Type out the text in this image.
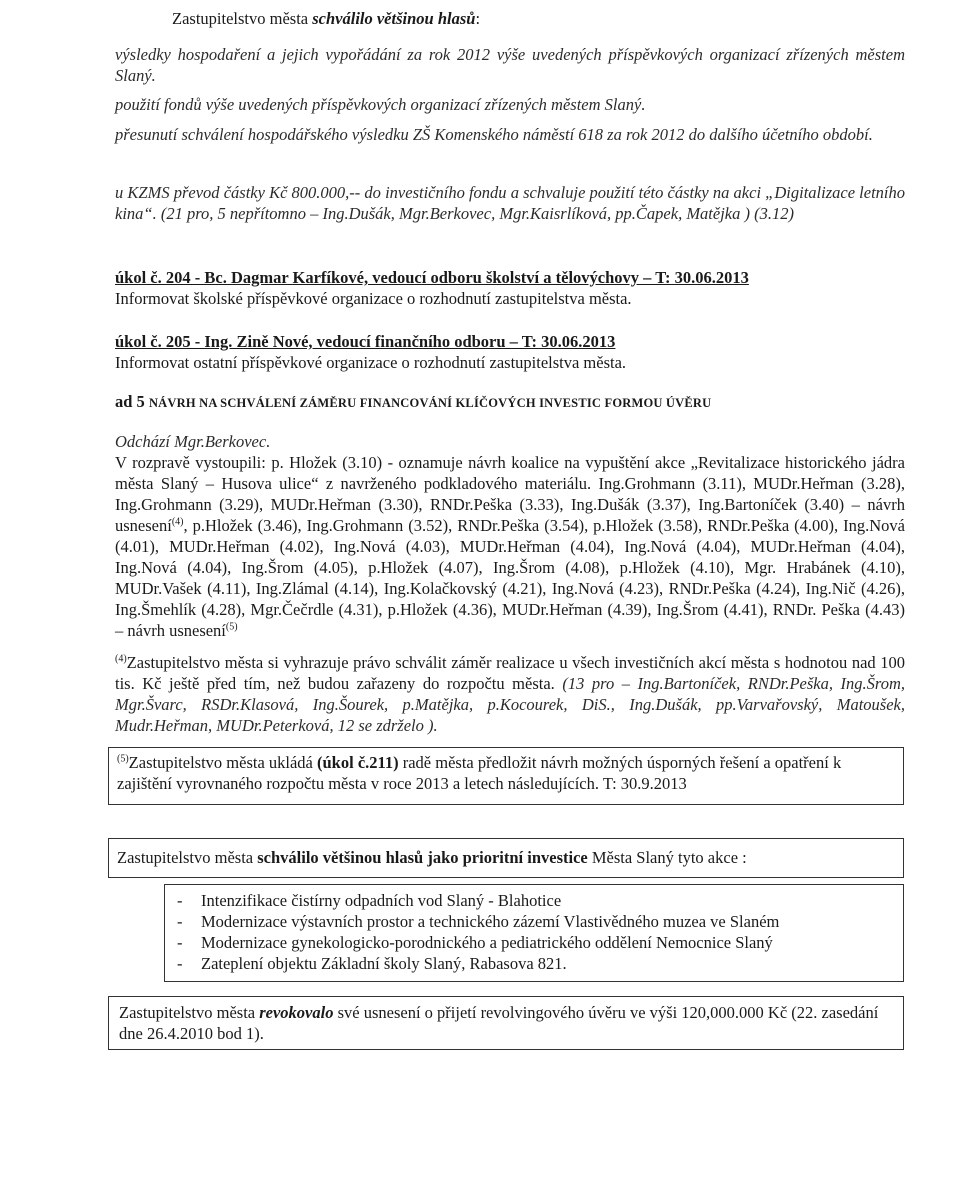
Zastupitelstvo města schválilo většinou hlasů:
výsledky hospodaření a jejich vypořádání za rok 2012 výše uvedených příspěvkových organizací zřízených městem Slaný.
použití fondů výše uvedených příspěvkových organizací zřízených městem Slaný.
přesunutí schválení hospodářského výsledku ZŠ Komenského náměstí 618 za rok 2012 do dalšího účetního období.
u KZMS převod částky Kč 800.000,-- do investičního fondu a schvaluje použití této částky na akci „Digitalizace letního kina“. (21 pro, 5 nepřítomno – Ing.Dušák, Mgr.Berkovec, Mgr.Kaisrlíková, pp.Čapek, Matějka ) (3.12)
úkol č. 204 - Bc. Dagmar Karfíkové, vedoucí odboru školství a tělovýchovy – T: 30.06.2013
Informovat školské příspěvkové organizace o rozhodnutí zastupitelstva města.
úkol č. 205 - Ing. Zině Nové, vedoucí finančního odboru – T: 30.06.2013
Informovat ostatní příspěvkové organizace o rozhodnutí zastupitelstva města.
ad 5 NÁVRH NA SCHVÁLENÍ ZÁMĚRU FINANCOVÁNÍ KLÍČOVÝCH INVESTIC FORMOU ÚVĚRU
Odchází Mgr.Berkovec.
V rozpravě vystoupili: p. Hložek (3.10) - oznamuje návrh koalice na vypuštění akce „Revitalizace historického jádra města Slaný – Husova ulice“ z navrženého podkladového materiálu. Ing.Grohmann (3.11), MUDr.Heřman (3.28), Ing.Grohmann (3.29), MUDr.Heřman (3.30), RNDr.Peška (3.33), Ing.Dušák (3.37), Ing.Bartoníček (3.40) – návrh usnesení$^{(4)}$, p.Hložek (3.46), Ing.Grohmann (3.52), RNDr.Peška (3.54), p.Hložek (3.58), RNDr.Peška (4.00), Ing.Nová (4.01), MUDr.Heřman (4.02), Ing.Nová (4.03), MUDr.Heřman (4.04), Ing.Nová (4.04), MUDr.Heřman (4.04), Ing.Nová (4.04), Ing.Šrom (4.05), p.Hložek (4.07), Ing.Šrom (4.08), p.Hložek (4.10), Mgr. Hrabánek (4.10), MUDr.Vašek (4.11), Ing.Zlámal (4.14), Ing.Kolačkovský (4.21), Ing.Nová (4.23), RNDr.Peška (4.24), Ing.Nič (4.26), Ing.Šmehlík (4.28), Mgr.Čečrdle (4.31), p.Hložek (4.36), MUDr.Heřman (4.39), Ing.Šrom (4.41), RNDr. Peška (4.43) – návrh usnesení$^{(5)}$
$^{(4)}$Zastupitelstvo města si vyhrazuje právo schválit záměr realizace u všech investičních akcí města s hodnotou nad 100 tis. Kč ještě před tím, než budou zařazeny do rozpočtu města. (13 pro – Ing.Bartoníček, RNDr.Peška, Ing.Šrom, Mgr.Švarc, RSDr.Klasová, Ing.Šourek, p.Matějka, p.Kocourek, DiS., Ing.Dušák, pp.Varvařovský, Matoušek, Mudr.Heřman, MUDr.Peterková, 12 se zdrželo ).
$^{(5)}$Zastupitelstvo města ukládá (úkol č.211) radě města předložit návrh možných úsporných řešení a opatření k zajištění vyrovnaného rozpočtu města v roce 2013 a letech následujících. T: 30.9.2013
Zastupitelstvo města schválilo většinou hlasů jako prioritní investice Města Slaný tyto akce :
- Intenzifikace čistírny odpadních vod Slaný - Blahotice
- Modernizace výstavních prostor a technického zázemí Vlastivědného muzea ve Slaném
- Modernizace gynekologicko-porodnického a pediatrického oddělení Nemocnice Slaný
- Zateplení objektu Základní školy Slaný, Rabasova 821.
Zastupitelstvo města revokovalo své usnesení o přijetí revolvingového úvěru ve výši 120,000.000 Kč (22. zasedání dne 26.4.2010 bod 1).
